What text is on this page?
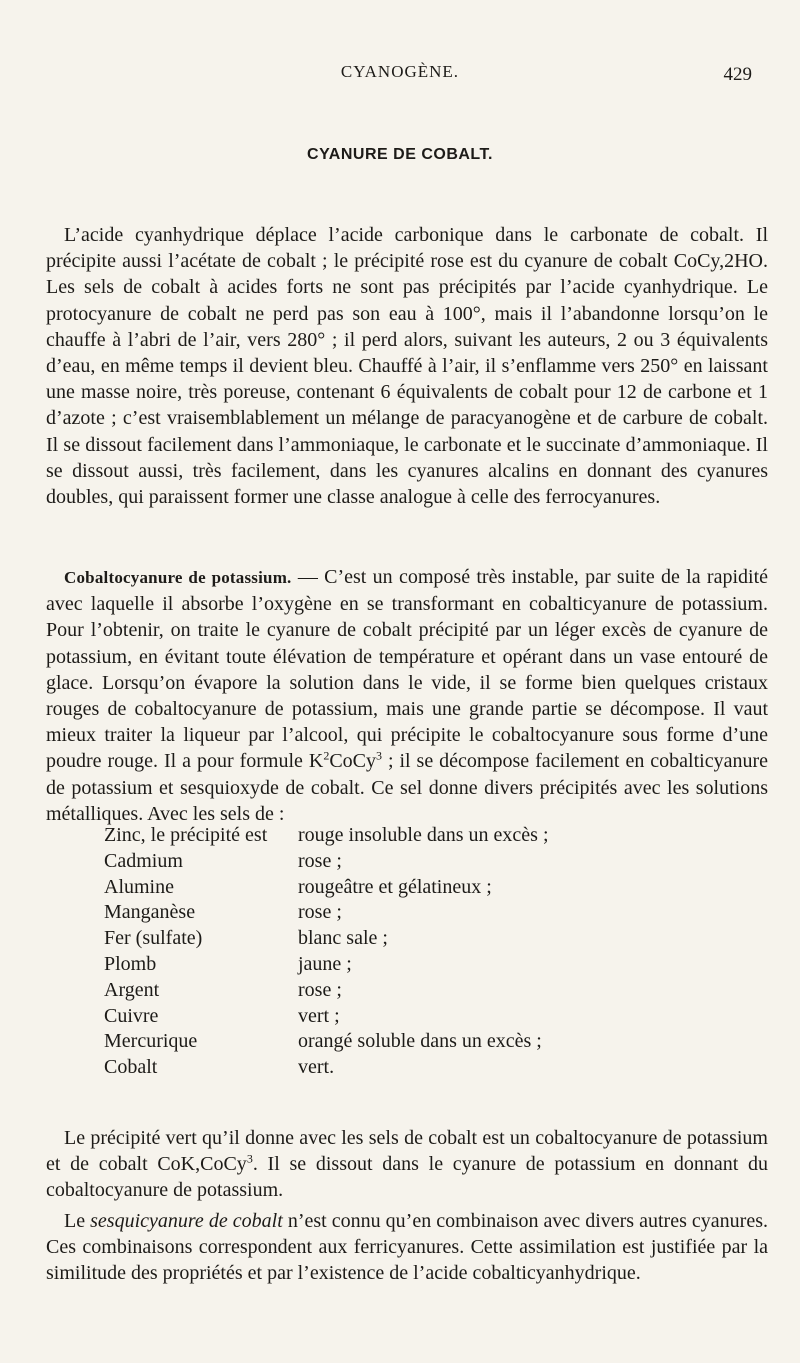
CYANOGÈNE.	429
CYANURE DE COBALT.

L’acide cyanhydrique déplace l’acide carbonique dans le carbonate de cobalt. Il précipite aussi l’acétate de cobalt ; le précipité rose est du cyanure de cobalt CoCy,2HO. Les sels de cobalt à acides forts ne sont pas précipités par l’acide cyanhydrique. Le protocyanure de cobalt ne perd pas son eau à 100°, mais il l’abandonne lorsqu’on le chauffe à l’abri de l’air, vers 280° ; il perd alors, suivant les auteurs, 2 ou 3 équivalents d’eau, en même temps il devient bleu. Chauffé à l’air, il s’enflamme vers 250° en laissant une masse noire, très poreuse, contenant 6 équivalents de cobalt pour 12 de carbone et 1 d’azote ; c’est vraisemblablement un mélange de paracyanogène et de carbure de cobalt. Il se dissout facilement dans l’ammoniaque, le carbonate et le succinate d’ammoniaque. Il se dissout aussi, très facilement, dans les cyanures alcalins en donnant des cyanures doubles, qui paraissent former une classe analogue à celle des ferrocyanures.

Cobaltocyanure de potassium. — C’est un composé très instable, par suite de la rapidité avec laquelle il absorbe l’oxygène en se transformant en cobalticyanure de potassium. Pour l’obtenir, on traite le cyanure de cobalt précipité par un léger excès de cyanure de potassium, en évitant toute élévation de température et opérant dans un vase entouré de glace. Lorsqu’on évapore la solution dans le vide, il se forme bien quelques cristaux rouges de cobaltocyanure de potassium, mais une grande partie se décompose. Il vaut mieux traiter la liqueur par l’alcool, qui précipite le cobaltocyanure sous forme d’une poudre rouge. Il a pour formule $K^2CoCy^3$ ; il se décompose facilement en cobalticyanure de potassium et sesquioxyde de cobalt. Ce sel donne divers précipités avec les solutions métalliques. Avec les sels de :

Zinc, le précipité est	rouge insoluble dans un excès ;
Cadmium	rose ;
Alumine	rougeâtre et gélatineux ;
Manganèse	rose ;
Fer (sulfate)	blanc sale ;
Plomb	jaune ;
Argent	rose ;
Cuivre	vert ;
Mercurique	orangé soluble dans un excès ;
Cobalt	vert.

Le précipité vert qu’il donne avec les sels de cobalt est un cobaltocyanure de potassium et de cobalt CoK,CoCy$^3$. Il se dissout dans le cyanure de potassium en donnant du cobaltocyanure de potassium.

Le sesquicyanure de cobalt n’est connu qu’en combinaison avec divers autres cyanures. Ces combinaisons correspondent aux ferricyanures. Cette assimilation est justifiée par la similitude des propriétés et par l’existence de l’acide cobalticyanhydrique.
